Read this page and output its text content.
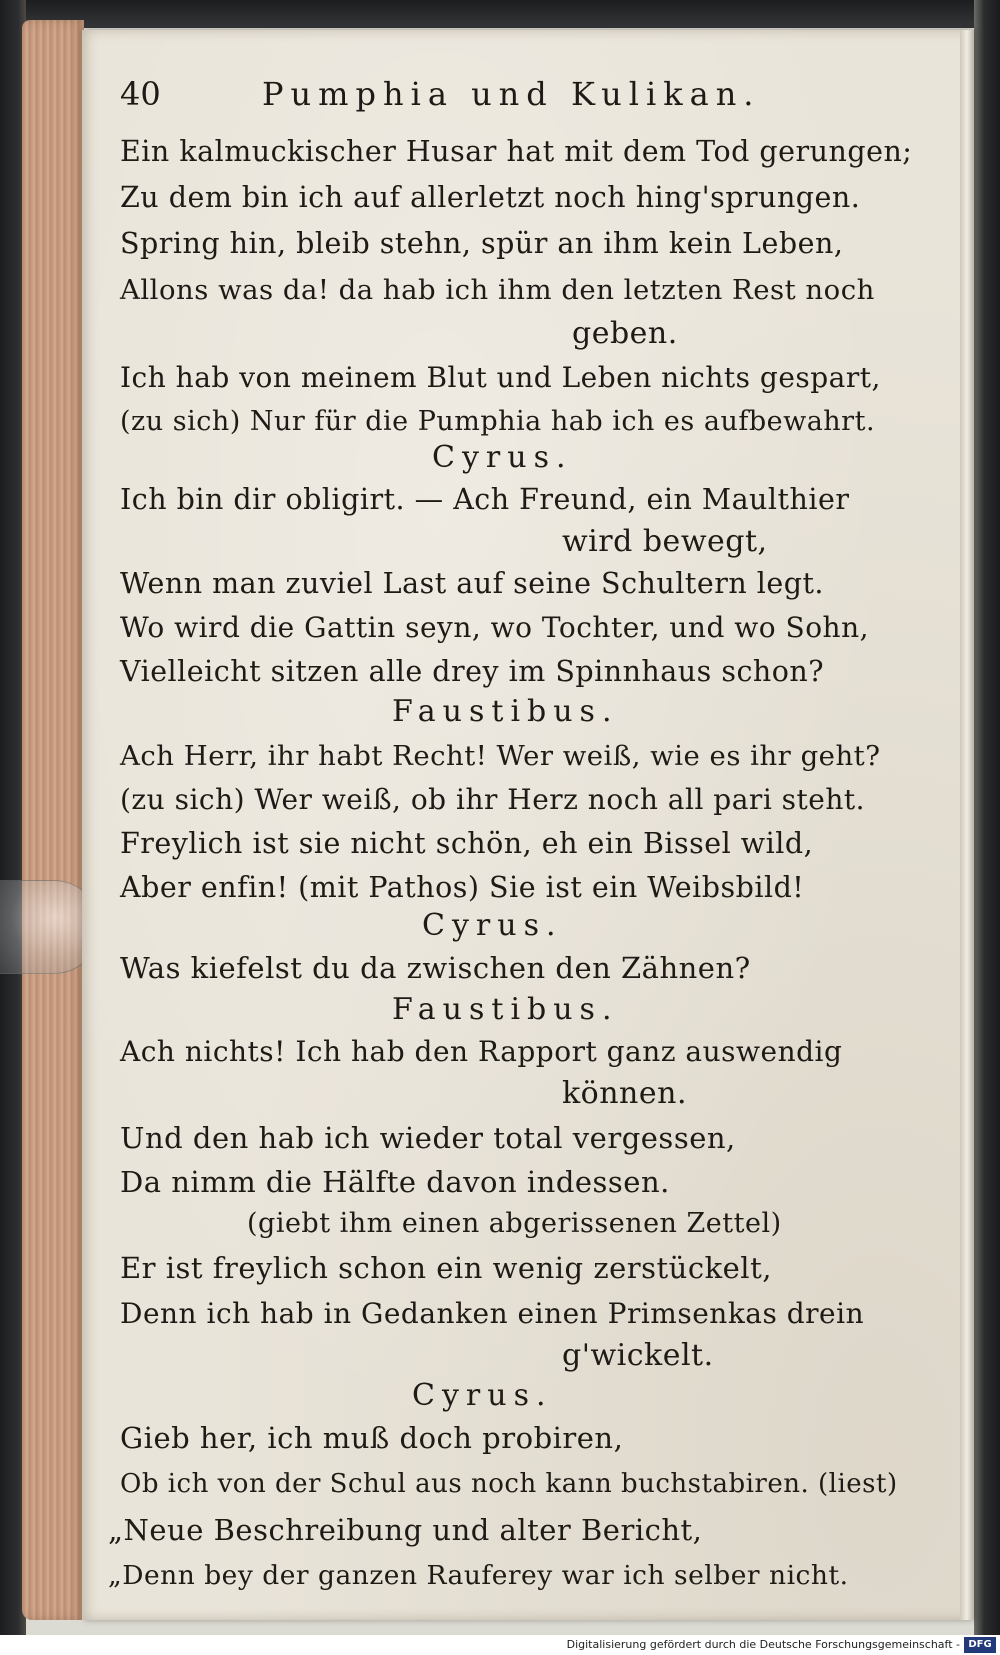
40	Pumphia und Kulikan.
Ein kalmuckischer Husar hat mit dem Tod gerungen;
Zu dem bin ich auf allerletzt noch hing'sprungen.
Spring hin, bleib stehn, spür an ihm kein Leben,
Allons was da! da hab ich ihm den letzten Rest noch
geben.
Ich hab von meinem Blut und Leben nichts gespart,
(zu sich) Nur für die Pumphia hab ich es aufbewahrt.
Cyrus.
Ich bin dir obligirt. — Ach Freund, ein Maulthier
wird bewegt,
Wenn man zuviel Last auf seine Schultern legt.
Wo wird die Gattin seyn, wo Tochter, und wo Sohn,
Vielleicht sitzen alle drey im Spinnhaus schon?
Faustibus.
Ach Herr, ihr habt Recht! Wer weiß, wie es ihr geht?
(zu sich) Wer weiß, ob ihr Herz noch all pari steht.
Freylich ist sie nicht schön, eh ein Bissel wild,
Aber enfin! (mit Pathos) Sie ist ein Weibsbild!
Cyrus.
Was kiefelst du da zwischen den Zähnen?
Faustibus.
Ach nichts! Ich hab den Rapport ganz auswendig
können.
Und den hab ich wieder total vergessen,
Da nimm die Hälfte davon indessen.
(giebt ihm einen abgerissenen Zettel)
Er ist freylich schon ein wenig zerstückelt,
Denn ich hab in Gedanken einen Primsenkas drein
g'wickelt.
Cyrus.
Gieb her, ich muß doch probiren,
Ob ich von der Schul aus noch kann buchstabiren. (liest)
„Neue Beschreibung und alter Bericht,
„Denn bey der ganzen Rauferey war ich selber nicht.
Digitalisierung gefördert durch die Deutsche Forschungsgemeinschaft - DFG
